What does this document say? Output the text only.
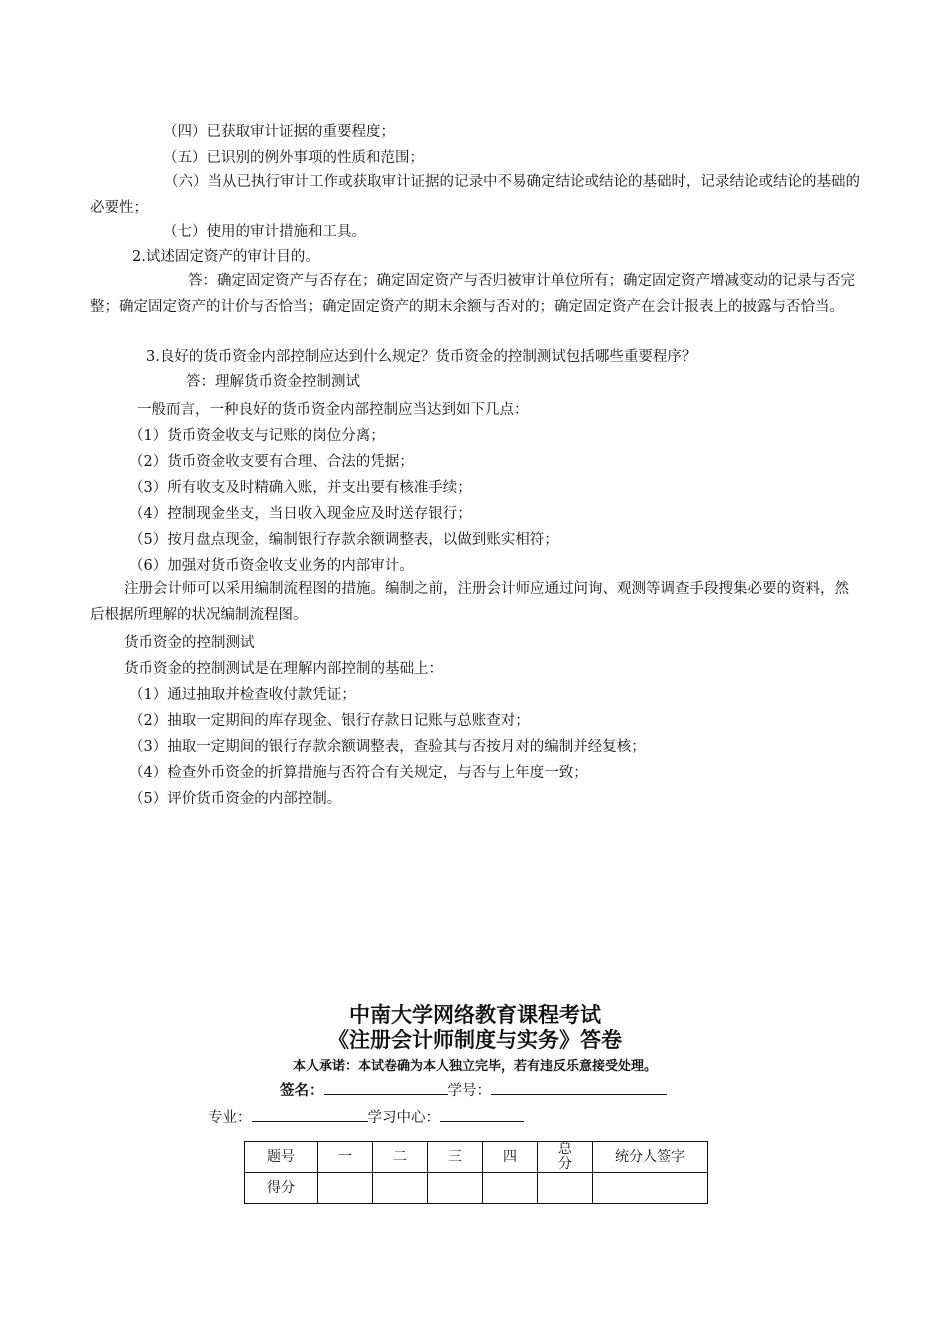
（四）已获取审计证据的重要程度；
（五）已识别的例外事项的性质和范围；
（六）当从已执行审计工作或获取审计证据的记录中不易确定结论或结论的基础时，记录结论或结论的基础的必要性；
（七）使用的审计措施和工具。
2.试述固定资产的审计目的。
答：确定固定资产与否存在；确定固定资产与否归被审计单位所有；确定固定资产增减变动的记录与否完整；确定固定资产的计价与否恰当；确定固定资产的期末余额与否对的；确定固定资产在会计报表上的披露与否恰当。
3.良好的货币资金内部控制应达到什么规定？货币资金的控制测试包括哪些重要程序？
答：理解货币资金控制测试
一般而言，一种良好的货币资金内部控制应当达到如下几点：
（1）货币资金收支与记账的岗位分离；
（2）货币资金收支要有合理、合法的凭据；
（3）所有收支及时精确入账，并支出要有核准手续；
（4）控制现金坐支，当日收入现金应及时送存银行；
（5）按月盘点现金，编制银行存款余额调整表，以做到账实相符；
（6）加强对货币资金收支业务的内部审计。
注册会计师可以采用编制流程图的措施。编制之前，注册会计师应通过问询、观测等调查手段搜集必要的资料，然后根据所理解的状况编制流程图。
货币资金的控制测试
货币资金的控制测试是在理解内部控制的基础上：
（1）通过抽取并检查收付款凭证；
（2）抽取一定期间的库存现金、银行存款日记账与总账查对；
（3）抽取一定期间的银行存款余额调整表，查验其与否按月对的编制并经复核；
（4）检查外币资金的折算措施与否符合有关规定，与否与上年度一致；
（5）评价货币资金的内部控制。
中南大学网络教育课程考试
《注册会计师制度与实务》答卷
本人承诺：本试卷确为本人独立完毕，若有违反乐意接受处理。
签名：	学号：
专业：	学习中心：
题号	一	二	三	四	总分	统分人签字
得分						
